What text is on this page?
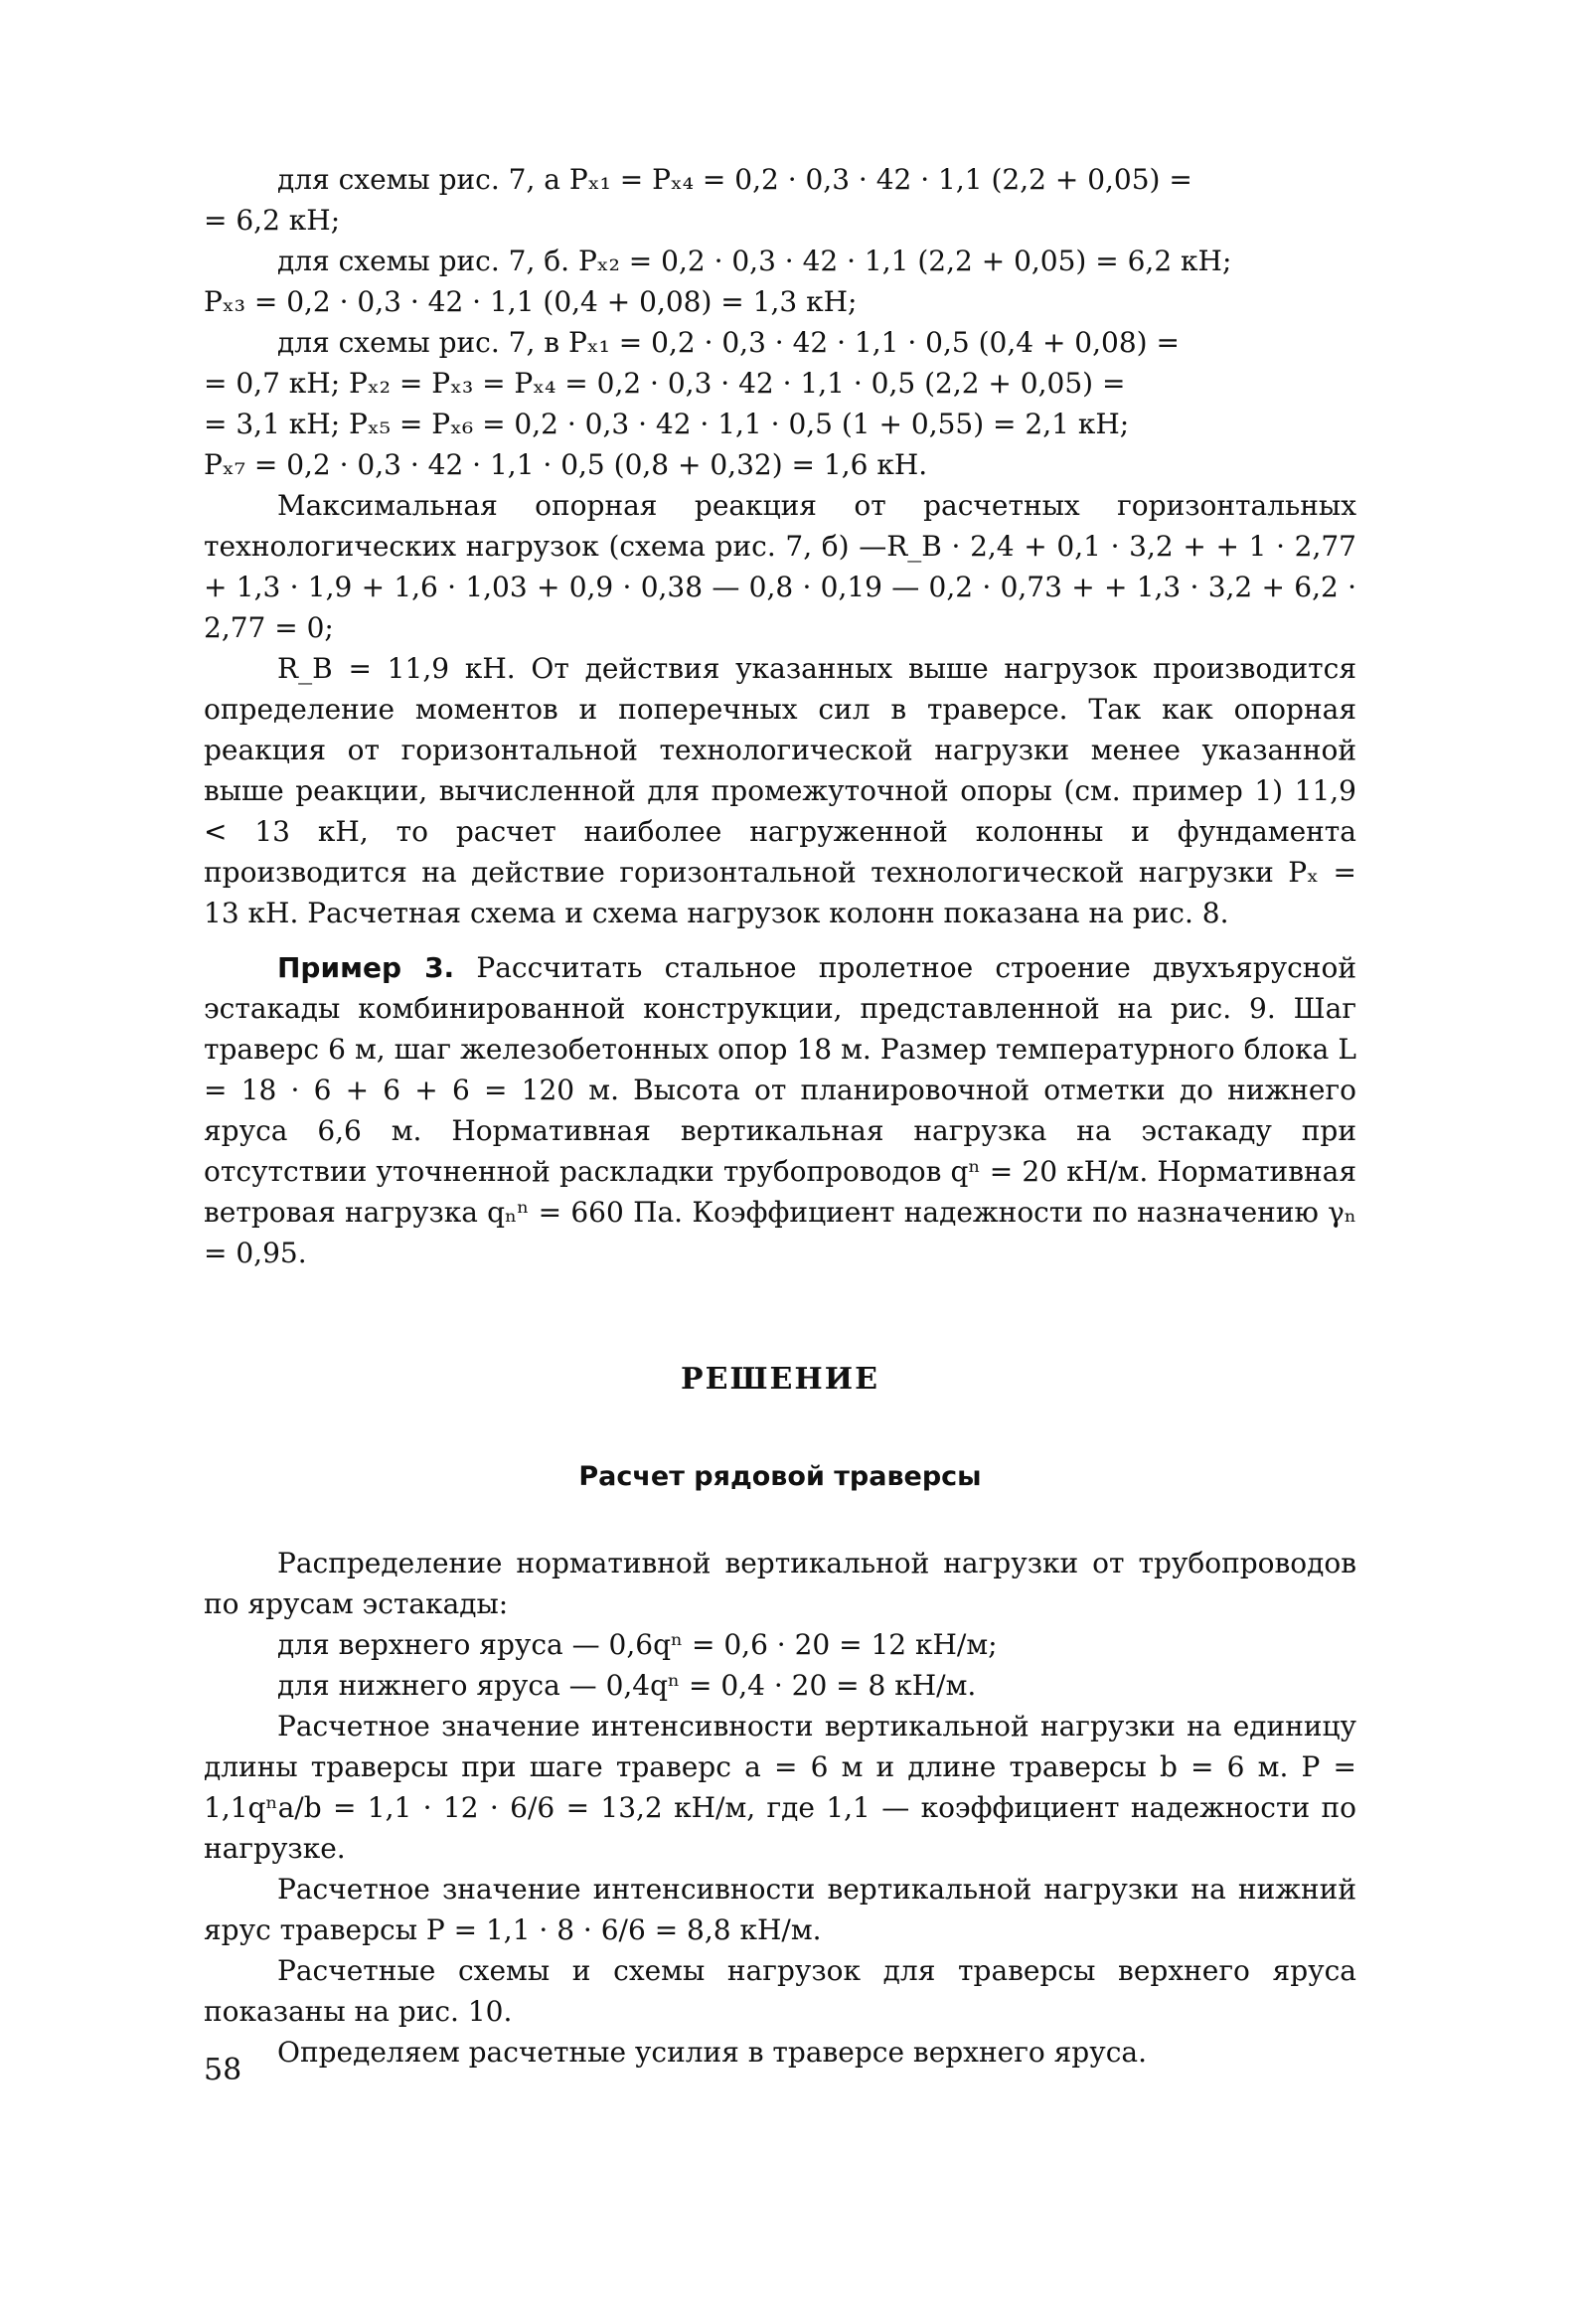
для схемы рис. 7, а Pₓ₁ = Pₓ₄ = 0,2 · 0,3 · 42 · 1,1 (2,2 + 0,05) =

= 6,2 кН;

для схемы рис. 7, б. Pₓ₂ = 0,2 · 0,3 · 42 · 1,1 (2,2 + 0,05) = 6,2 кН;

Pₓ₃ = 0,2 · 0,3 · 42 · 1,1 (0,4 + 0,08) = 1,3 кН;

для схемы рис. 7, в Pₓ₁ = 0,2 · 0,3 · 42 · 1,1 · 0,5 (0,4 + 0,08) =

= 0,7 кН; Pₓ₂ = Pₓ₃ = Pₓ₄ = 0,2 · 0,3 · 42 · 1,1 · 0,5 (2,2 + 0,05) =

= 3,1 кН; Pₓ₅ = Pₓ₆ = 0,2 · 0,3 · 42 · 1,1 · 0,5 (1 + 0,55) = 2,1 кН;

Pₓ₇ = 0,2 · 0,3 · 42 · 1,1 · 0,5 (0,8 + 0,32) = 1,6 кН.

Максимальная опорная реакция от расчетных горизонтальных технологических нагрузок (схема рис. 7, б) —R_B · 2,4 + 0,1 · 3,2 + + 1 · 2,77 + 1,3 · 1,9 + 1,6 · 1,03 + 0,9 · 0,38 — 0,8 · 0,19 — 0,2 · 0,73 + + 1,3 · 3,2 + 6,2 · 2,77 = 0;

R_B = 11,9 кН. От действия указанных выше нагрузок производится определение моментов и поперечных сил в траверсе. Так как опорная реакция от горизонтальной технологической нагрузки менее указанной выше реакции, вычисленной для промежуточной опоры (см. пример 1) 11,9 < 13 кН, то расчет наиболее нагруженной колонны и фундамента производится на действие горизонтальной технологической нагрузки Pₓ = 13 кН. Расчетная схема и схема нагрузок колонн показана на рис. 8.

Пример 3. Рассчитать стальное пролетное строение двухъярусной эстакады комбинированной конструкции, представленной на рис. 9. Шаг траверс 6 м, шаг железобетонных опор 18 м. Размер температурного блока L = 18 · 6 + 6 + 6 = 120 м. Высота от планировочной отметки до нижнего яруса 6,6 м. Нормативная вертикальная нагрузка на эстакаду при отсутствии уточненной раскладки трубопроводов qⁿ = 20 кН/м. Нормативная ветровая нагрузка qₙⁿ = 660 Па. Коэффициент надежности по назначению γₙ = 0,95.

РЕШЕНИЕ
Расчет рядовой траверсы

Распределение нормативной вертикальной нагрузки от трубопроводов по ярусам эстакады:

для верхнего яруса — 0,6qⁿ = 0,6 · 20 = 12 кН/м;

для нижнего яруса — 0,4qⁿ = 0,4 · 20 = 8 кН/м.

Расчетное значение интенсивности вертикальной нагрузки на единицу длины траверсы при шаге траверс a = 6 м и длине траверсы b = 6 м. P = 1,1qⁿa/b = 1,1 · 12 · 6/6 = 13,2 кН/м, где 1,1 — коэффициент надежности по нагрузке.

Расчетное значение интенсивности вертикальной нагрузки на нижний ярус траверсы P = 1,1 · 8 · 6/6 = 8,8 кН/м.

Расчетные схемы и схемы нагрузок для траверсы верхнего яруса показаны на рис. 10.

Определяем расчетные усилия в траверсе верхнего яруса.

58
